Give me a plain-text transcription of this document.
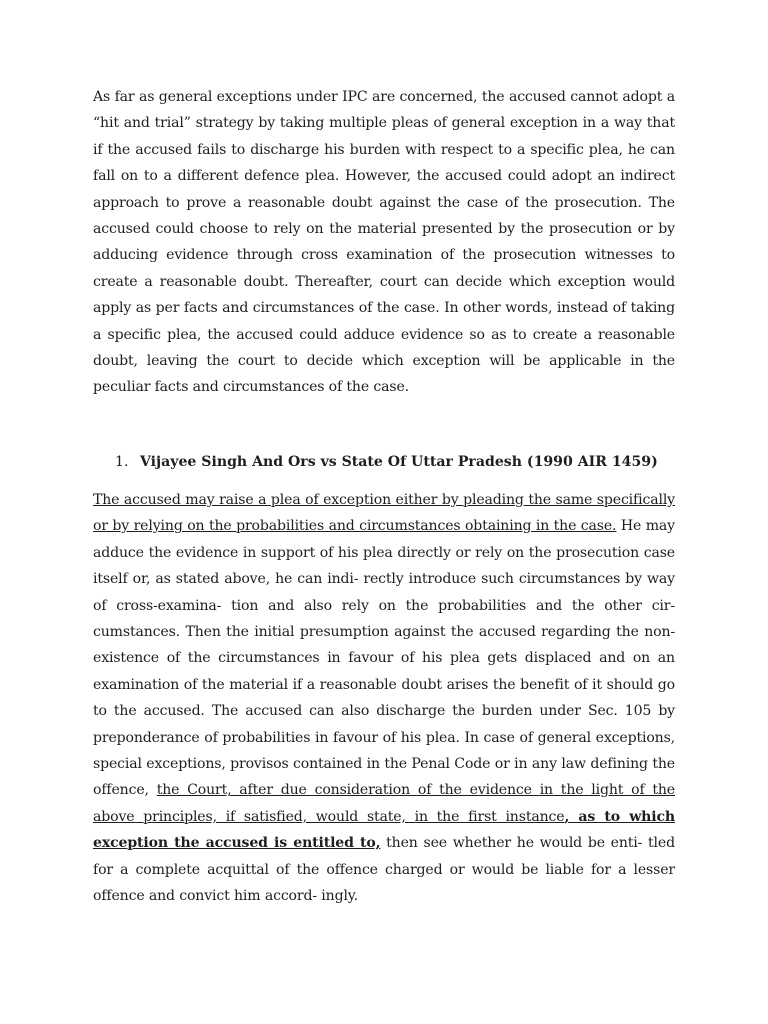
As far as general exceptions under IPC are concerned, the accused cannot adopt a “hit and trial” strategy by taking multiple pleas of general exception in a way that if the accused fails to discharge his burden with respect to a specific plea, he can fall on to a different defence plea. However, the accused could adopt an indirect approach to prove a reasonable doubt against the case of the prosecution. The accused could choose to rely on the material presented by the prosecution or by adducing evidence through cross examination of the prosecution witnesses to create a reasonable doubt. Thereafter, court can decide which exception would apply as per facts and circumstances of the case. In other words, instead of taking a specific plea, the accused could adduce evidence so as to create a reasonable doubt, leaving the court to decide which exception will be applicable in the peculiar facts and circumstances of the case.

1. Vijayee Singh And Ors vs State Of Uttar Pradesh (1990 AIR 1459)

The accused may raise a plea of exception either by pleading the same specifically or by relying on the probabilities and circumstances obtaining in the case. He may adduce the evidence in support of his plea directly or rely on the prosecution case itself or, as stated above, he can indi- rectly introduce such circumstances by way of cross-examina- tion and also rely on the probabilities and the other cir- cumstances. Then the initial presumption against the accused regarding the non-existence of the circumstances in favour of his plea gets displaced and on an examination of the material if a reasonable doubt arises the benefit of it should go to the accused. The accused can also discharge the burden under Sec. 105 by preponderance of probabilities in favour of his plea. In case of general exceptions, special exceptions, provisos contained in the Penal Code or in any law defining the offence, the Court, after due consideration of the evidence in the light of the above principles, if satisfied, would state, in the first instance, as to which exception the accused is entitled to, then see whether he would be enti- tled for a complete acquittal of the offence charged or would be liable for a lesser offence and convict him accord- ingly.
